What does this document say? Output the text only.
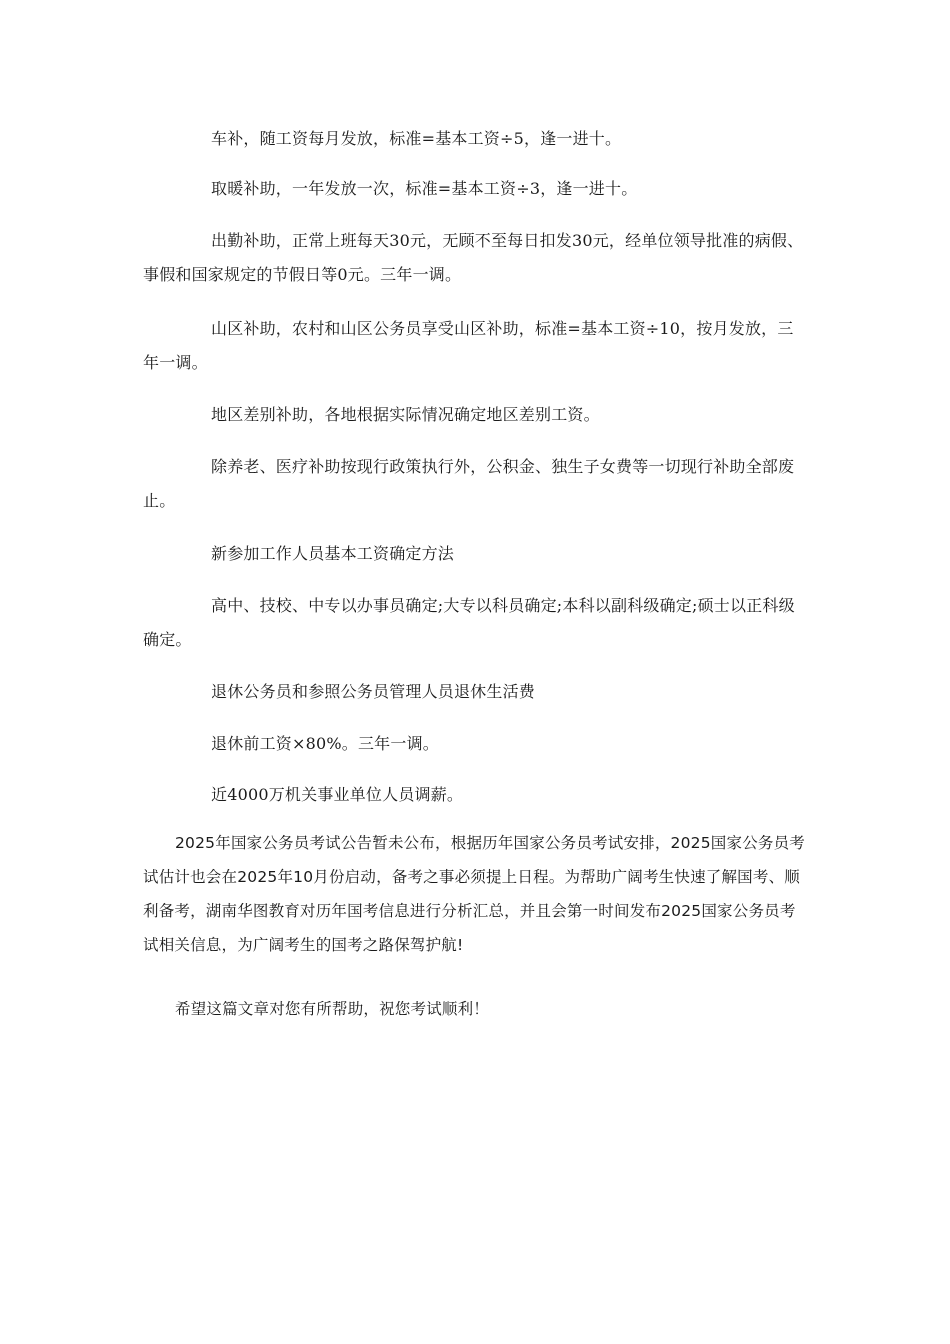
车补，随工资每月发放，标准=基本工资÷5，逢一进十。

取暖补助，一年发放一次，标准=基本工资÷3，逢一进十。

出勤补助，正常上班每天30元，无顾不至每日扣发30元，经单位领导批准的病假、事假和国家规定的节假日等0元。三年一调。

山区补助，农村和山区公务员享受山区补助，标准=基本工资÷10，按月发放，三年一调。

地区差别补助，各地根据实际情况确定地区差别工资。

除养老、医疗补助按现行政策执行外，公积金、独生子女费等一切现行补助全部废止。

新参加工作人员基本工资确定方法

高中、技校、中专以办事员确定;大专以科员确定;本科以副科级确定;硕士以正科级确定。

退休公务员和参照公务员管理人员退休生活费

退休前工资×80%。三年一调。

近4000万机关事业单位人员调薪。

2025年国家公务员考试公告暂未公布，根据历年国家公务员考试安排，2025国家公务员考试估计也会在2025年10月份启动，备考之事必须提上日程。为帮助广阔考生快速了解国考、顺利备考，湖南华图教育对历年国考信息进行分析汇总，并且会第一时间发布2025国家公务员考试相关信息，为广阔考生的国考之路保驾护航!

希望这篇文章对您有所帮助，祝您考试顺利！
